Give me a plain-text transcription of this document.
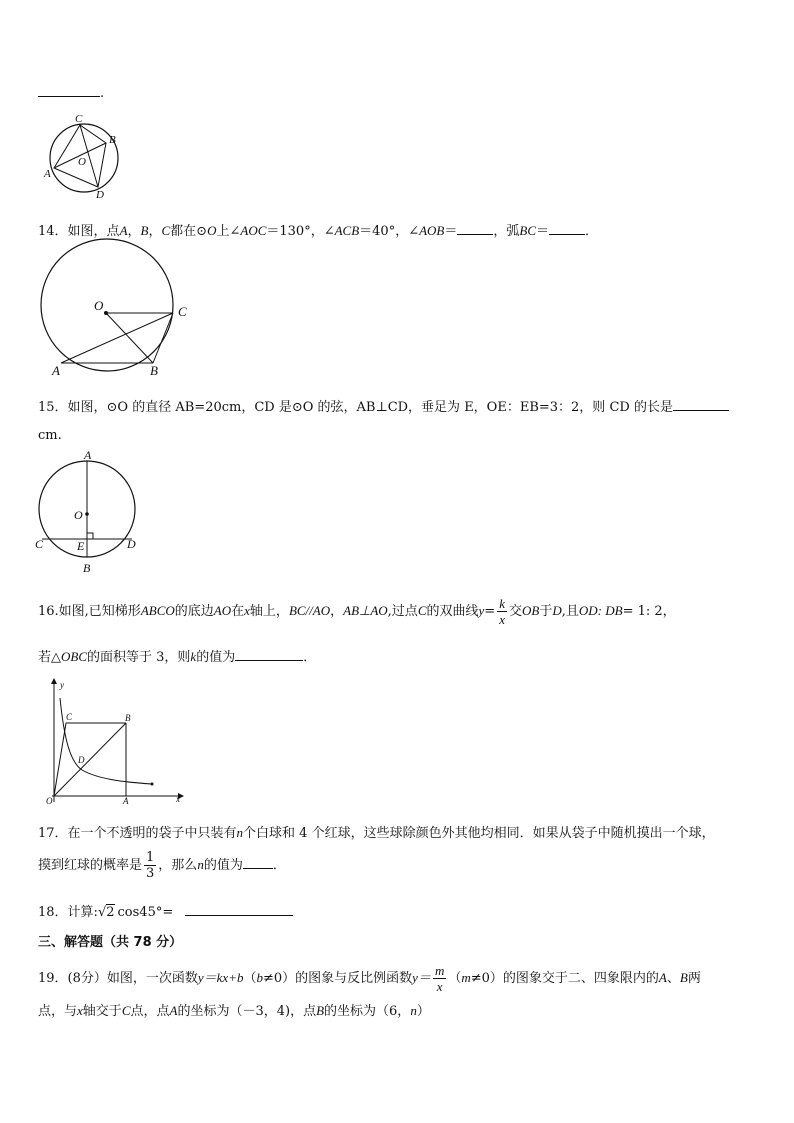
.
C
B
O
A
D
14．如图，点A，B，C都在⊙O上∠AOC＝130°，∠ACB＝40°，∠AOB＝	，弧BC＝	．
O	C
A	B
15．如图，⊙O 的直径 AB=20cm，CD 是⊙O 的弦，AB⊥CD，垂足为 E，OE：EB=3：2，则 CD 的长是
cm.
A
O
C	E	D
B
16.如图,已知梯形ABCO的底边AO在x轴上，BC//AO，AB⊥AO,过点C的双曲线$y= \frac{k}{x}$ 交OB于D,且OD: DB= 1: 2，
若△OBC的面积等于 3，则k的值为	．
y
C	B
D
O	A	x
17．在一个不透明的袋子中只装有n个白球和 4 个红球，这些球除颜色外其他均相同．如果从袋子中随机摸出一个球，
摸到红球的概率是 $\frac{1}{3}$ ，那么n的值为 ．
18．计算:√2 cos45°=
三、解答题（共 78 分）
19．(8分）如图，一次函数y＝kx+b（b≠0）的图象与反比例函数$y= \frac{m}{x} (m\ne 0)$的图象交于二、四象限内的A、B两
点，与x轴交于C点，点A的坐标为（－3，4)，点B的坐标为（6，n）
